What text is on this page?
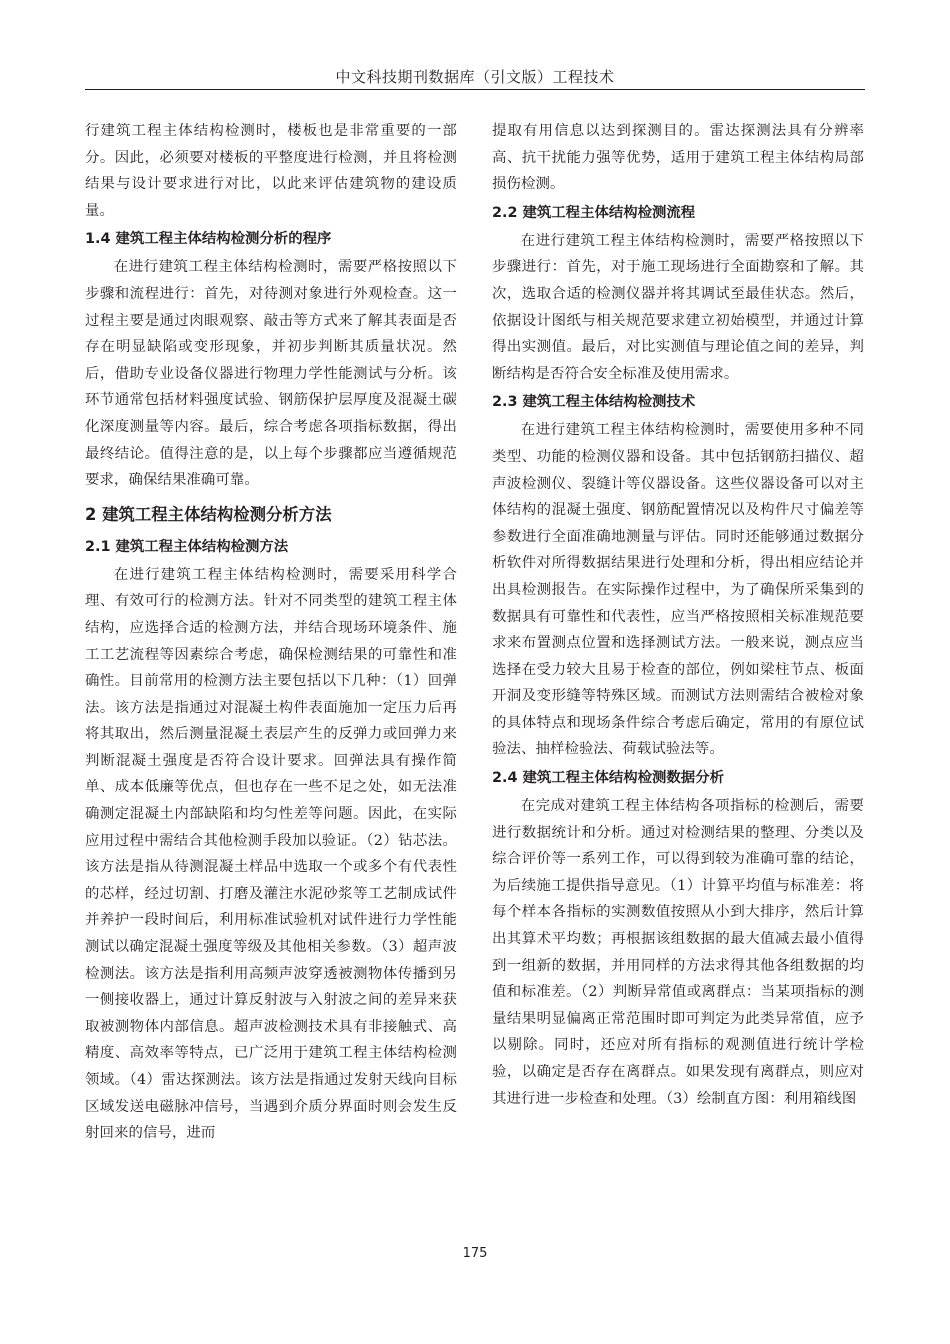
中文科技期刊数据库（引文版）工程技术

行建筑工程主体结构检测时，楼板也是非常重要的一部分。因此，必须要对楼板的平整度进行检测，并且将检测结果与设计要求进行对比，以此来评估建筑物的建设质量。

1.4 建筑工程主体结构检测分析的程序

在进行建筑工程主体结构检测时，需要严格按照以下步骤和流程进行：首先，对待测对象进行外观检查。这一过程主要是通过肉眼观察、敲击等方式来了解其表面是否存在明显缺陷或变形现象，并初步判断其质量状况。然后，借助专业设备仪器进行物理力学性能测试与分析。该环节通常包括材料强度试验、钢筋保护层厚度及混凝土碳化深度测量等内容。最后，综合考虑各项指标数据，得出最终结论。值得注意的是，以上每个步骤都应当遵循规范要求，确保结果准确可靠。

2 建筑工程主体结构检测分析方法
2.1 建筑工程主体结构检测方法

在进行建筑工程主体结构检测时，需要采用科学合理、有效可行的检测方法。针对不同类型的建筑工程主体结构，应选择合适的检测方法，并结合现场环境条件、施工工艺流程等因素综合考虑，确保检测结果的可靠性和准确性。目前常用的检测方法主要包括以下几种：（1）回弹法。该方法是指通过对混凝土构件表面施加一定压力后再将其取出，然后测量混凝土表层产生的反弹力或回弹力来判断混凝土强度是否符合设计要求。回弹法具有操作简单、成本低廉等优点，但也存在一些不足之处，如无法准确测定混凝土内部缺陷和均匀性差等问题。因此，在实际应用过程中需结合其他检测手段加以验证。（2）钻芯法。该方法是指从待测混凝土样品中选取一个或多个有代表性的芯样，经过切割、打磨及灌注水泥砂浆等工艺制成试件并养护一段时间后，利用标准试验机对试件进行力学性能测试以确定混凝土强度等级及其他相关参数。（3）超声波检测法。该方法是指利用高频声波穿透被测物体传播到另一侧接收器上，通过计算反射波与入射波之间的差异来获取被测物体内部信息。超声波检测技术具有非接触式、高精度、高效率等特点，已广泛用于建筑工程主体结构检测领域。（4）雷达探测法。该方法是指通过发射天线向目标区域发送电磁脉冲信号，当遇到介质分界面时则会发生反射回来的信号，进而

提取有用信息以达到探测目的。雷达探测法具有分辨率高、抗干扰能力强等优势，适用于建筑工程主体结构局部损伤检测。

2.2 建筑工程主体结构检测流程

在进行建筑工程主体结构检测时，需要严格按照以下步骤进行：首先，对于施工现场进行全面勘察和了解。其次，选取合适的检测仪器并将其调试至最佳状态。然后，依据设计图纸与相关规范要求建立初始模型，并通过计算得出实测值。最后，对比实测值与理论值之间的差异，判断结构是否符合安全标准及使用需求。

2.3 建筑工程主体结构检测技术

在进行建筑工程主体结构检测时，需要使用多种不同类型、功能的检测仪器和设备。其中包括钢筋扫描仪、超声波检测仪、裂缝计等仪器设备。这些仪器设备可以对主体结构的混凝土强度、钢筋配置情况以及构件尺寸偏差等参数进行全面准确地测量与评估。同时还能够通过数据分析软件对所得数据结果进行处理和分析，得出相应结论并出具检测报告。在实际操作过程中，为了确保所采集到的数据具有可靠性和代表性，应当严格按照相关标准规范要求来布置测点位置和选择测试方法。一般来说，测点应当选择在受力较大且易于检查的部位，例如梁柱节点、板面开洞及变形缝等特殊区域。而测试方法则需结合被检对象的具体特点和现场条件综合考虑后确定，常用的有原位试验法、抽样检验法、荷载试验法等。

2.4 建筑工程主体结构检测数据分析

在完成对建筑工程主体结构各项指标的检测后，需要进行数据统计和分析。通过对检测结果的整理、分类以及综合评价等一系列工作，可以得到较为准确可靠的结论，为后续施工提供指导意见。（1）计算平均值与标准差：将每个样本各指标的实测数值按照从小到大排序，然后计算出其算术平均数；再根据该组数据的最大值减去最小值得到一组新的数据，并用同样的方法求得其他各组数据的均值和标准差。（2）判断异常值或离群点：当某项指标的测量结果明显偏离正常范围时即可判定为此类异常值，应予以剔除。同时，还应对所有指标的观测值进行统计学检验，以确定是否存在离群点。如果发现有离群点，则应对其进行进一步检查和处理。（3）绘制直方图：利用箱线图

175
